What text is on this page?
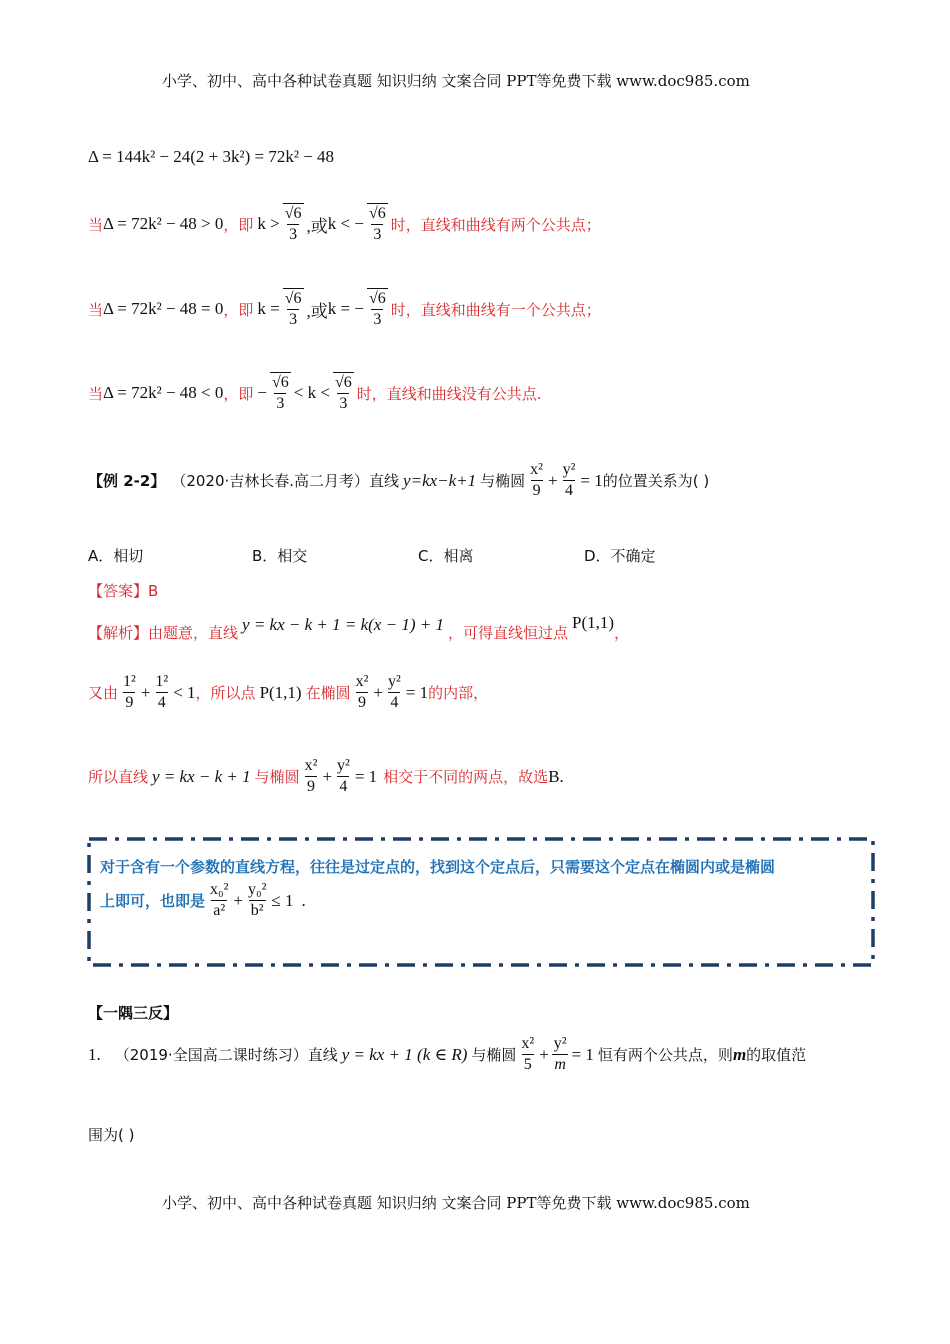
小学、初中、高中各种试卷真题 知识归纳 文案合同 PPT等免费下载 www.doc985.com
Δ = 144k² − 24(2 + 3k²) = 72k² − 48
当 Δ = 72k² − 48 > 0 ，即 $k > \frac{√6}{3}$ ,或 k < − $\frac{√6}{3}$ 时，直线和曲线有两个公共点；
当 Δ = 72k² − 48 = 0 ，即 $k = \frac{√6}{3}$ ,或 k = − $\frac{√6}{3}$ 时，直线和曲线有一个公共点；
当 Δ = 72k² − 48 < 0 ，即 − $\frac{√6}{3} < k < \frac{√6}{3}$ 时，直线和曲线没有公共点.
【例 2-2】 （2020·吉林长春.高二月考）直线 y=kx−k+1 与椭圆 $\frac{\text{x²}}{9} + \frac{\text{y²}}{4} = 1$ 的位置关系为( )
A．相切	B．相交	C．相离	D．不确定
【答案】B
【解析】 由题意，直线 y = kx − k + 1 = k(x − 1) + 1 ，可得直线恒过点
P(1,1)
，
又由 $\frac{\text{1²}}{9} + \frac{\text{1²}}{4} < 1$ ，所以点 P(1,1) 在椭圆 $\frac{\text{x²}}{9} + \frac{\text{y²}}{4} = 1$ 的内部，
所以直线 y = kx − k + 1 与椭圆 $\frac{\text{x²}}{9} + \frac{\text{y²}}{4} = 1$ 相交于不同的两点，故选 B.
对于含有一个参数的直线方程，往往是过定点的，找到这个定点后，只需要这个定点在椭圆内或是椭圆
上即可，也即是 $\frac{\text{x₀²}}{\text{a²}} + \frac{\text{y₀²}}{\text{b²}} \le 1$ .
【一隅三反】
1. （2019·全国高二课时练习）直线 y = kx + 1 (k ∈ R) 与椭圆 $\frac{\text{x²}}{5} + \frac{\text{y²}}{m} = 1$ 恒有两个公共点，则 m 的取值范
围为( )
小学、初中、高中各种试卷真题 知识归纳 文案合同 PPT等免费下载 www.doc985.com
